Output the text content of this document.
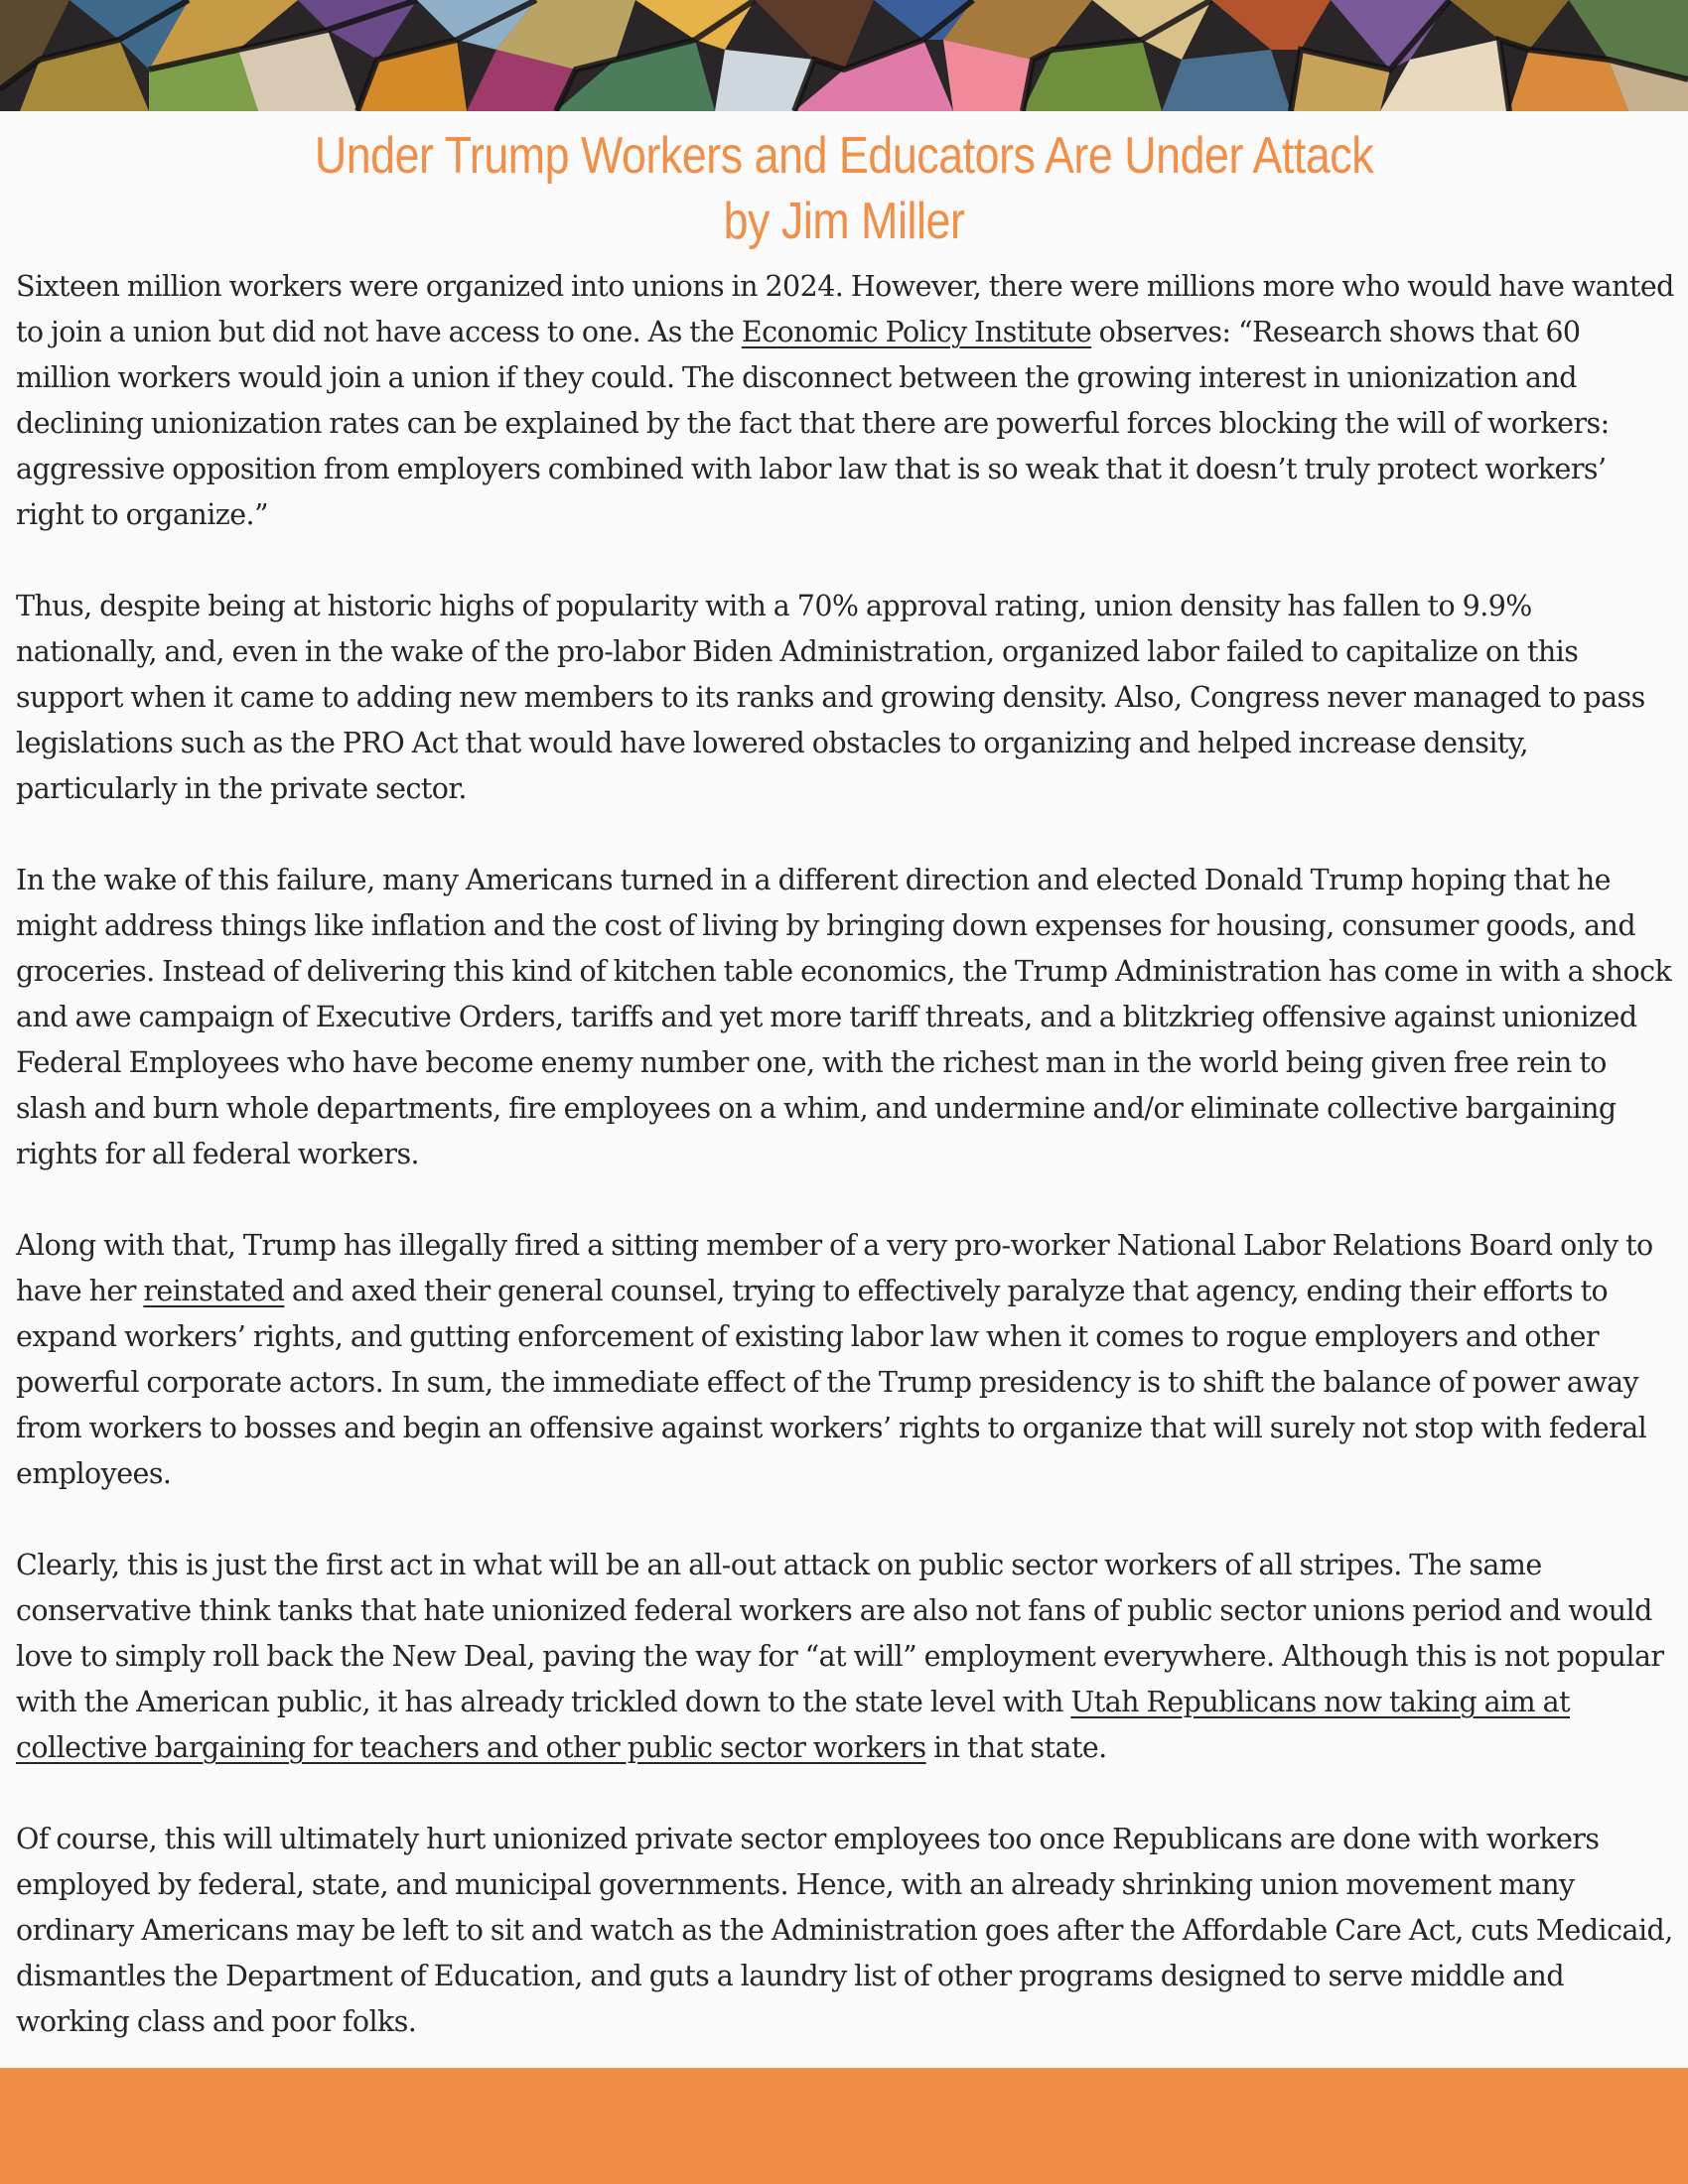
Under Trump Workers and Educators Are Under Attack
by Jim Miller

Sixteen million workers were organized into unions in 2024. However, there were millions more who would have wanted to join a union but did not have access to one. As the Economic Policy Institute observes: “Research shows that 60 million workers would join a union if they could. The disconnect between the growing interest in unionization and declining unionization rates can be explained by the fact that there are powerful forces blocking the will of workers: aggressive opposition from employers combined with labor law that is so weak that it doesn’t truly protect workers’ right to organize.”

Thus, despite being at historic highs of popularity with a 70% approval rating, union density has fallen to 9.9% nationally, and, even in the wake of the pro-labor Biden Administration, organized labor failed to capitalize on this support when it came to adding new members to its ranks and growing density. Also, Congress never managed to pass legislations such as the PRO Act that would have lowered obstacles to organizing and helped increase density, particularly in the private sector.

In the wake of this failure, many Americans turned in a different direction and elected Donald Trump hoping that he might address things like inflation and the cost of living by bringing down expenses for housing, consumer goods, and groceries. Instead of delivering this kind of kitchen table economics, the Trump Administration has come in with a shock and awe campaign of Executive Orders, tariffs and yet more tariff threats, and a blitzkrieg offensive against unionized Federal Employees who have become enemy number one, with the richest man in the world being given free rein to slash and burn whole departments, fire employees on a whim, and undermine and/or eliminate collective bargaining rights for all federal workers.

Along with that, Trump has illegally fired a sitting member of a very pro-worker National Labor Relations Board only to have her reinstated and axed their general counsel, trying to effectively paralyze that agency, ending their efforts to expand workers’ rights, and gutting enforcement of existing labor law when it comes to rogue employers and other powerful corporate actors. In sum, the immediate effect of the Trump presidency is to shift the balance of power away from workers to bosses and begin an offensive against workers’ rights to organize that will surely not stop with federal employees.

Clearly, this is just the first act in what will be an all-out attack on public sector workers of all stripes. The same conservative think tanks that hate unionized federal workers are also not fans of public sector unions period and would love to simply roll back the New Deal, paving the way for “at will” employment everywhere. Although this is not popular with the American public, it has already trickled down to the state level with Utah Republicans now taking aim at collective bargaining for teachers and other public sector workers in that state.

Of course, this will ultimately hurt unionized private sector employees too once Republicans are done with workers employed by federal, state, and municipal governments. Hence, with an already shrinking union movement many ordinary Americans may be left to sit and watch as the Administration goes after the Affordable Care Act, cuts Medicaid, dismantles the Department of Education, and guts a laundry list of other programs designed to serve middle and working class and poor folks.
